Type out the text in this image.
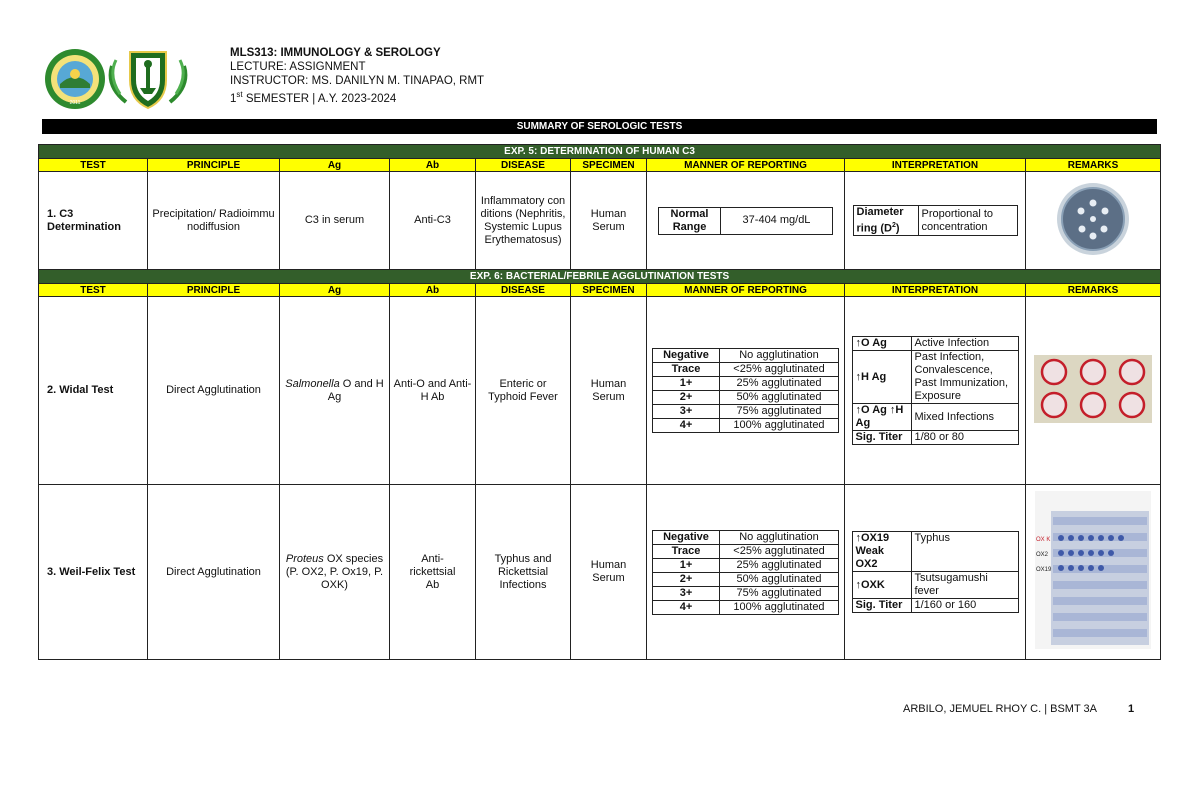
2011
MLS313: IMMUNOLOGY & SEROLOGY
LECTURE: ASSIGNMENT
INSTRUCTOR: MS. DANILYN M. TINAPAO, RMT
1st SEMESTER | A.Y. 2023-2024
SUMMARY OF SEROLOGIC TESTS
EXP. 5: DETERMINATION OF HUMAN C3
TEST	PRINCIPLE	Ag	Ab	DISEASE	SPECIMEN	MANNER OF REPORTING	INTERPRETATION	REMARKS
1. C3 Determination	Precipitation/ Radioimmunodiffusion	C3 in serum	Anti-C3	Inflammatory conditions (Nephritis, Systemic Lupus Erythematosus)	Human Serum	
Normal Range	37-404 mg/dL

Diameter ring $(D^2)$	Proportional to concentration

EXP. 6: BACTERIAL/FEBRILE AGGLUTINATION TESTS
TEST	PRINCIPLE	Ag	Ab	DISEASE	SPECIMEN	MANNER OF REPORTING	INTERPRETATION	REMARKS
2. Widal Test	Direct Agglutination	Salmonella O and H Ag	Anti-O and Anti-H Ab	Enteric or Typhoid Fever	Human Serum	
Negative	No agglutination
Trace	<25% agglutinated
1+	25% agglutinated
2+	50% agglutinated
3+	75% agglutinated
4+	100% agglutinated

↑O Ag	Active Infection
↑H Ag	Past Infection, Convalescence, Past Immunization, Exposure
↑O Ag ↑H Ag	Mixed Infections
Sig. Titer	1/80 or 80

3. Weil-Felix Test	Direct Agglutination	Proteus OX species (P. OX2, P. Ox19, P. OXK)	Anti-rickettsial Ab	Typhus and Rickettsial Infections	Human Serum	
Negative	No agglutination
Trace	<25% agglutinated
1+	25% agglutinated
2+	50% agglutinated
3+	75% agglutinated
4+	100% agglutinated

↑OX19 Weak OX2	Typhus
↑OXK	Tsutsugamushi fever
Sig. Titer	1/160 or 160

OX K
OX2
OX19
ARBILO, JEMUEL RHOY C. | BSMT 3A	1
